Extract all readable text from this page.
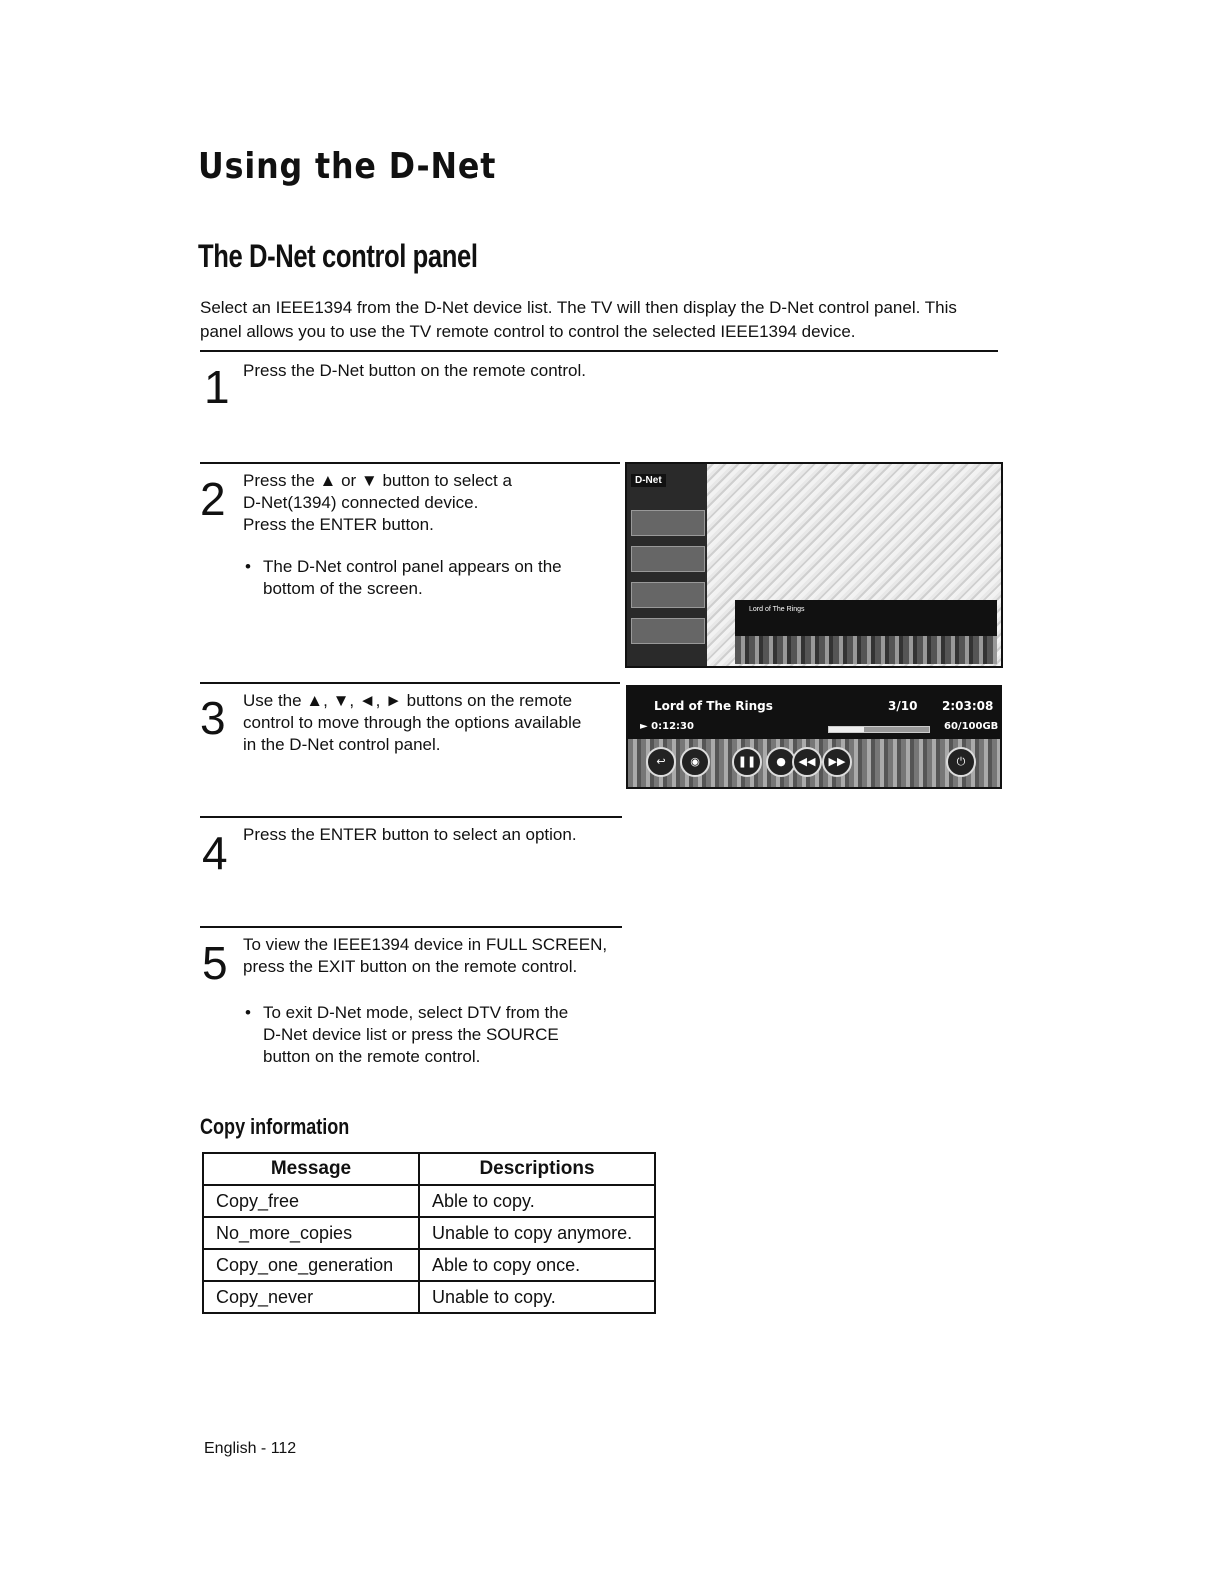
Using the D-Net
The D-Net control panel
Select an IEEE1394 from the D-Net device list. The TV will then display the D-Net control panel. This panel allows you to use the TV remote control to control the selected IEEE1394 device.
1 Press the D-Net button on the remote control.
2 Press the ▲ or ▼ button to select a
D-Net(1394) connected device.
Press the ENTER button.
• The D-Net control panel appears on the
bottom of the screen.
D-Net
Lord of The Rings
3 Use the ▲, ▼, ◄, ► buttons on the remote
control to move through the options available
in the D-Net control panel.
Lord of The Rings	3/10 2:03:08
► 0:12:30	60/100GB
↩	◉	❚❚	●	◀◀	▶▶	⏻
4 Press the ENTER button to select an option.
5 To view the IEEE1394 device in FULL SCREEN,
press the EXIT button on the remote control.
• To exit D-Net mode, select DTV from the
D-Net device list or press the SOURCE
button on the remote control.
Copy information
Message	Descriptions
Copy_free	Able to copy.
No_more_copies	Unable to copy anymore.
Copy_one_generation	Able to copy once.
Copy_never	Unable to copy.
English - 112
